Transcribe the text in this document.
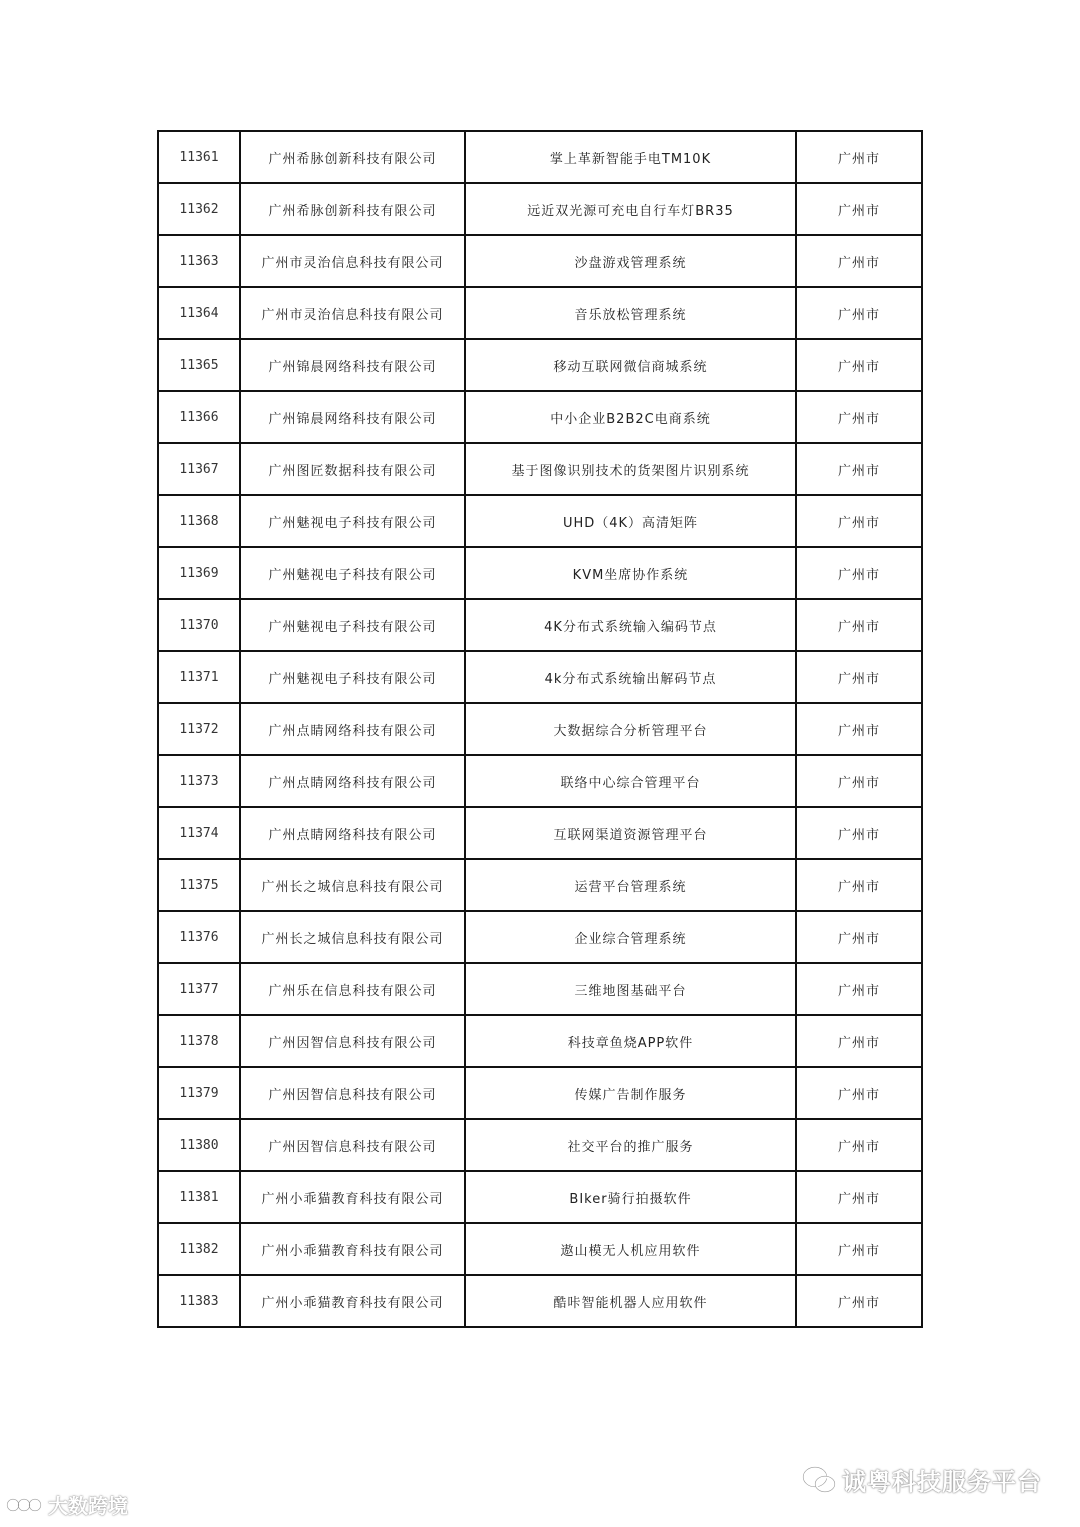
11361	广州希脉创新科技有限公司	掌上革新智能手电TM10K	广州市
11362	广州希脉创新科技有限公司	远近双光源可充电自行车灯BR35	广州市
11363	广州市灵治信息科技有限公司	沙盘游戏管理系统	广州市
11364	广州市灵治信息科技有限公司	音乐放松管理系统	广州市
11365	广州锦晨网络科技有限公司	移动互联网微信商城系统	广州市
11366	广州锦晨网络科技有限公司	中小企业B2B2C电商系统	广州市
11367	广州图匠数据科技有限公司	基于图像识别技术的货架图片识别系统	广州市
11368	广州魅视电子科技有限公司	UHD（4K）高清矩阵	广州市
11369	广州魅视电子科技有限公司	KVM坐席协作系统	广州市
11370	广州魅视电子科技有限公司	4K分布式系统输入编码节点	广州市
11371	广州魅视电子科技有限公司	4k分布式系统输出解码节点	广州市
11372	广州点睛网络科技有限公司	大数据综合分析管理平台	广州市
11373	广州点睛网络科技有限公司	联络中心综合管理平台	广州市
11374	广州点睛网络科技有限公司	互联网渠道资源管理平台	广州市
11375	广州长之城信息科技有限公司	运营平台管理系统	广州市
11376	广州长之城信息科技有限公司	企业综合管理系统	广州市
11377	广州乐在信息科技有限公司	三维地图基础平台	广州市
11378	广州因智信息科技有限公司	科技章鱼烧APP软件	广州市
11379	广州因智信息科技有限公司	传媒广告制作服务	广州市
11380	广州因智信息科技有限公司	社交平台的推广服务	广州市
11381	广州小乖猫教育科技有限公司	BIker骑行拍摄软件	广州市
11382	广州小乖猫教育科技有限公司	遨山模无人机应用软件	广州市
11383	广州小乖猫教育科技有限公司	酷咔智能机器人应用软件	广州市
大数跨境
诚粤科技服务平台
